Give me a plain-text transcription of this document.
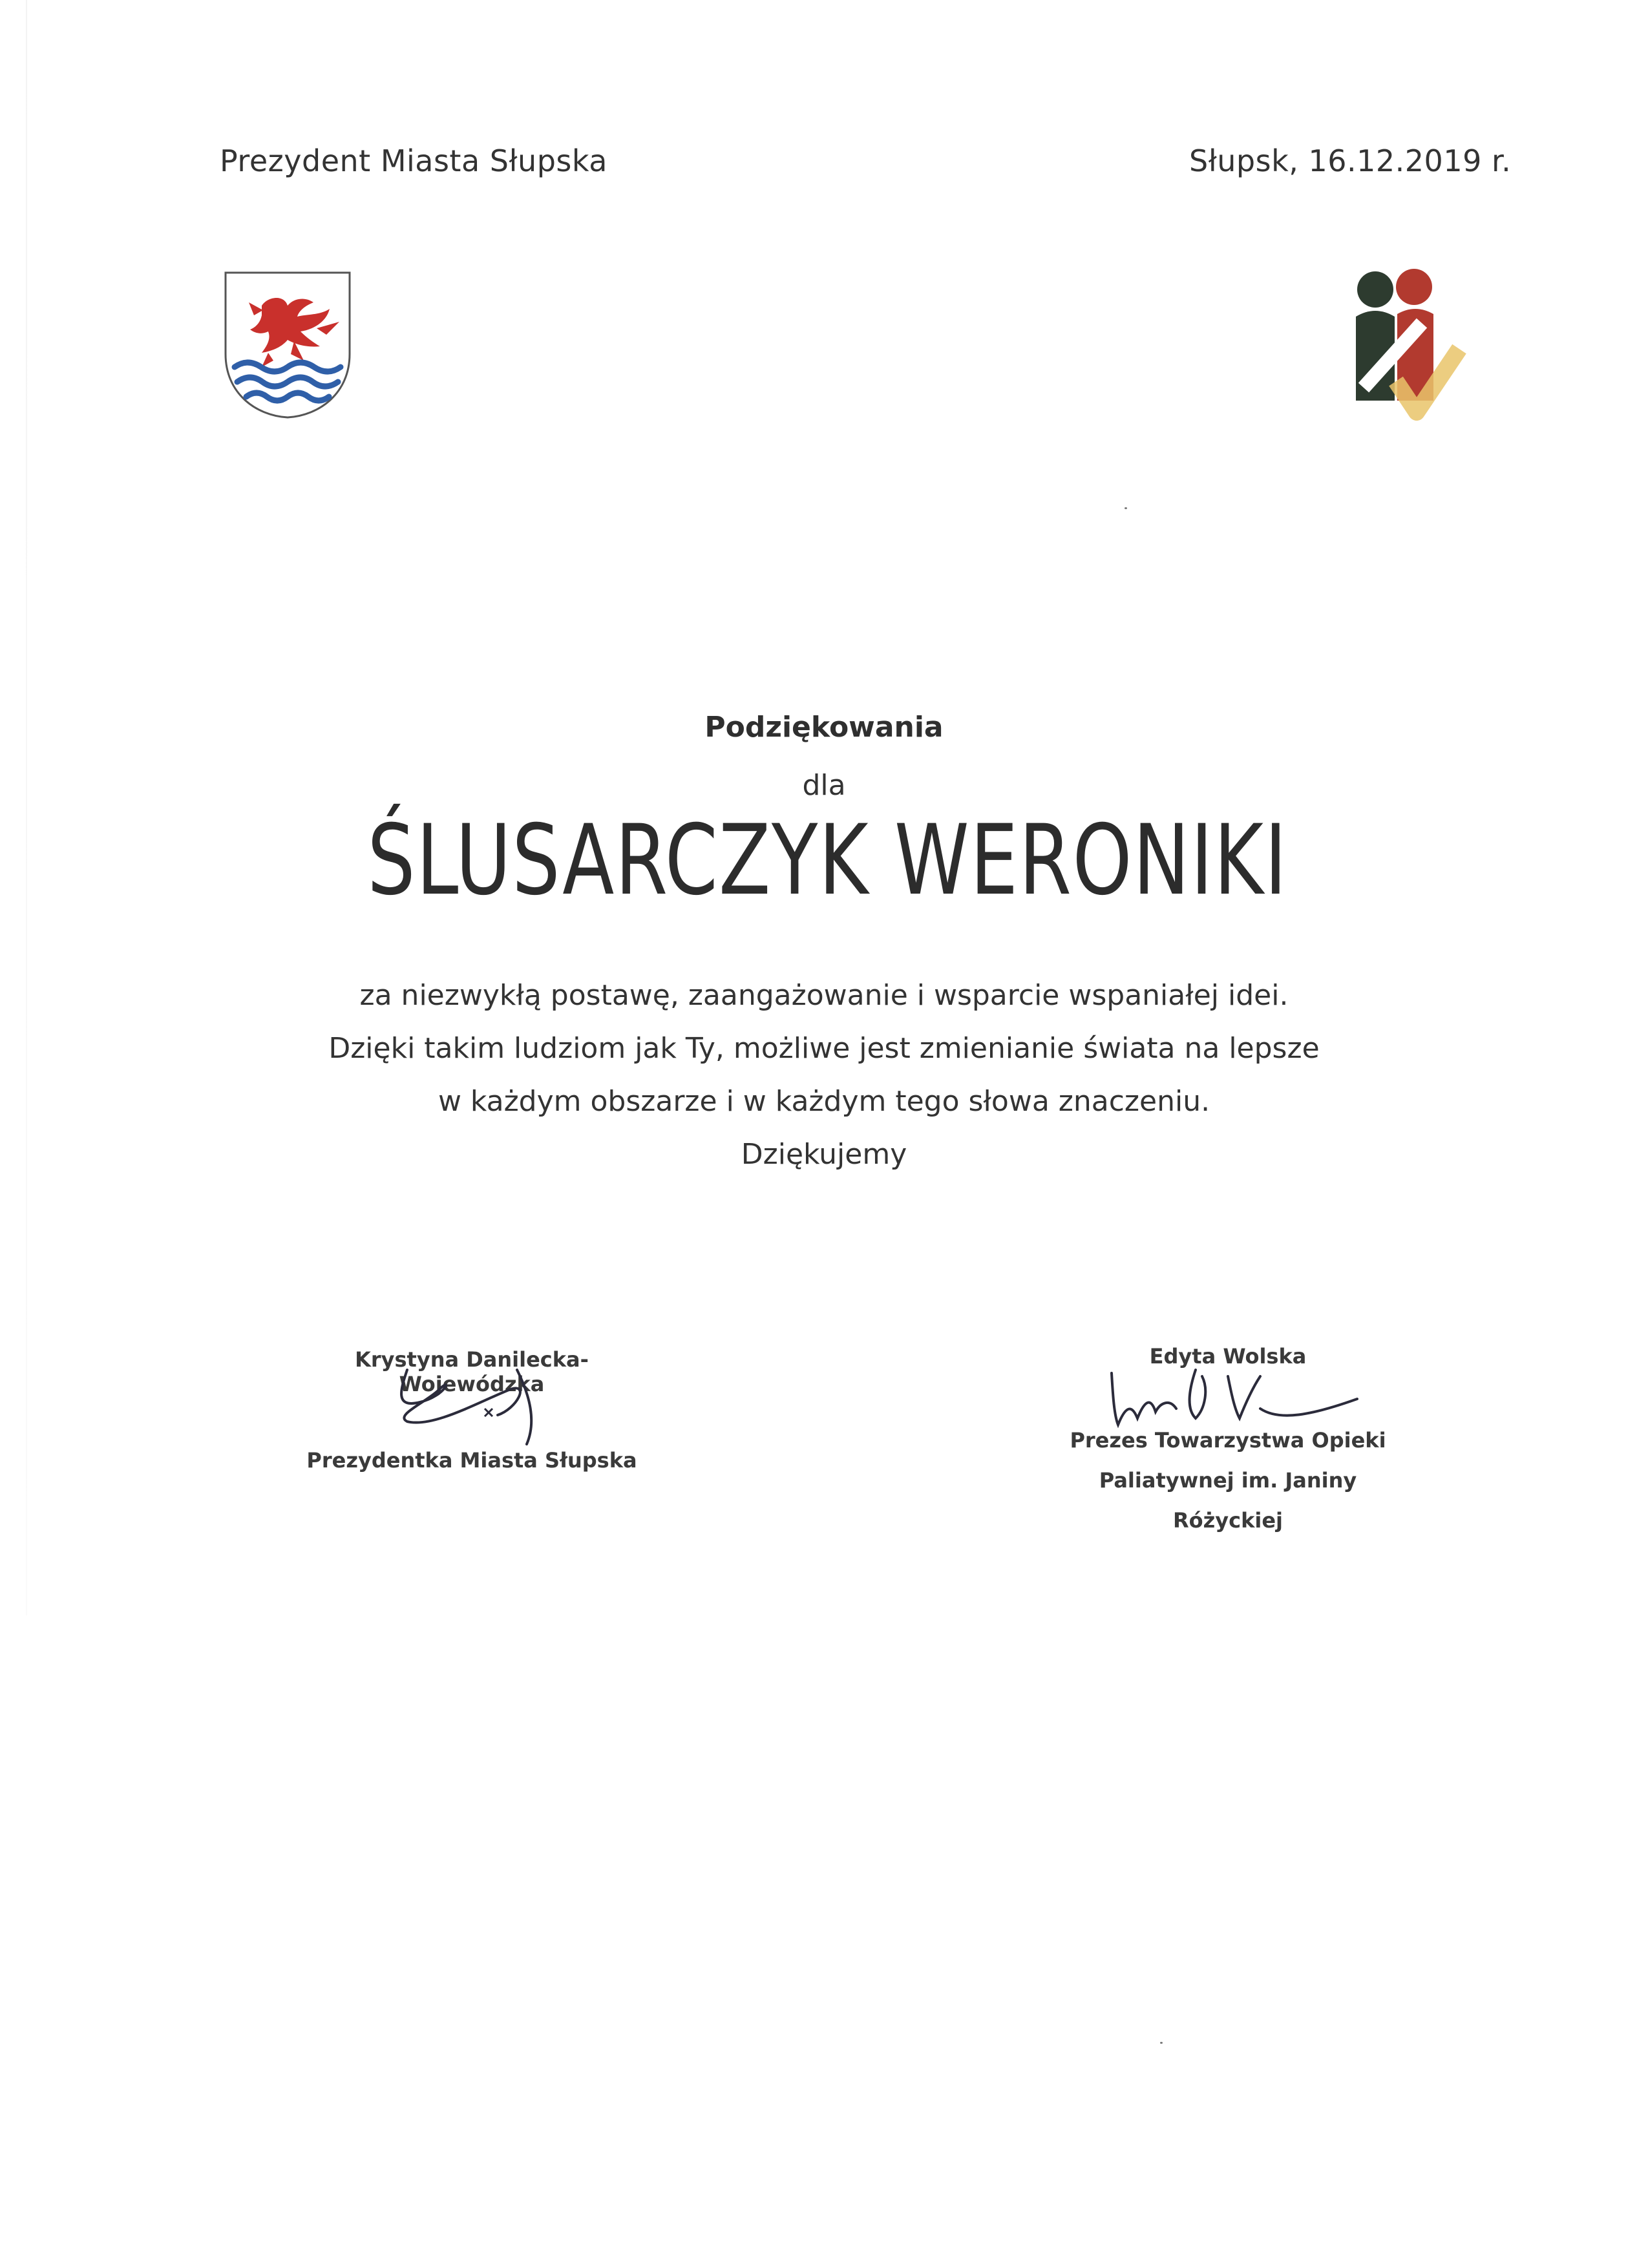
Prezydent Miasta Słupska	Słupsk, 16.12.2019 r.
Podziękowania
dla
ŚLUSARCZYK WERONIKI
za niezwykłą postawę, zaangażowanie i wsparcie wspaniałej idei.
Dzięki takim ludziom jak Ty, możliwe jest zmienianie świata na lepsze
w każdym obszarze i w każdym tego słowa znaczeniu.
Dziękujemy
Krystyna Danilecka-Wojewódzka
Prezydentka Miasta Słupska
Edyta Wolska
Prezes Towarzystwa Opieki
Paliatywnej im. Janiny Różyckiej
